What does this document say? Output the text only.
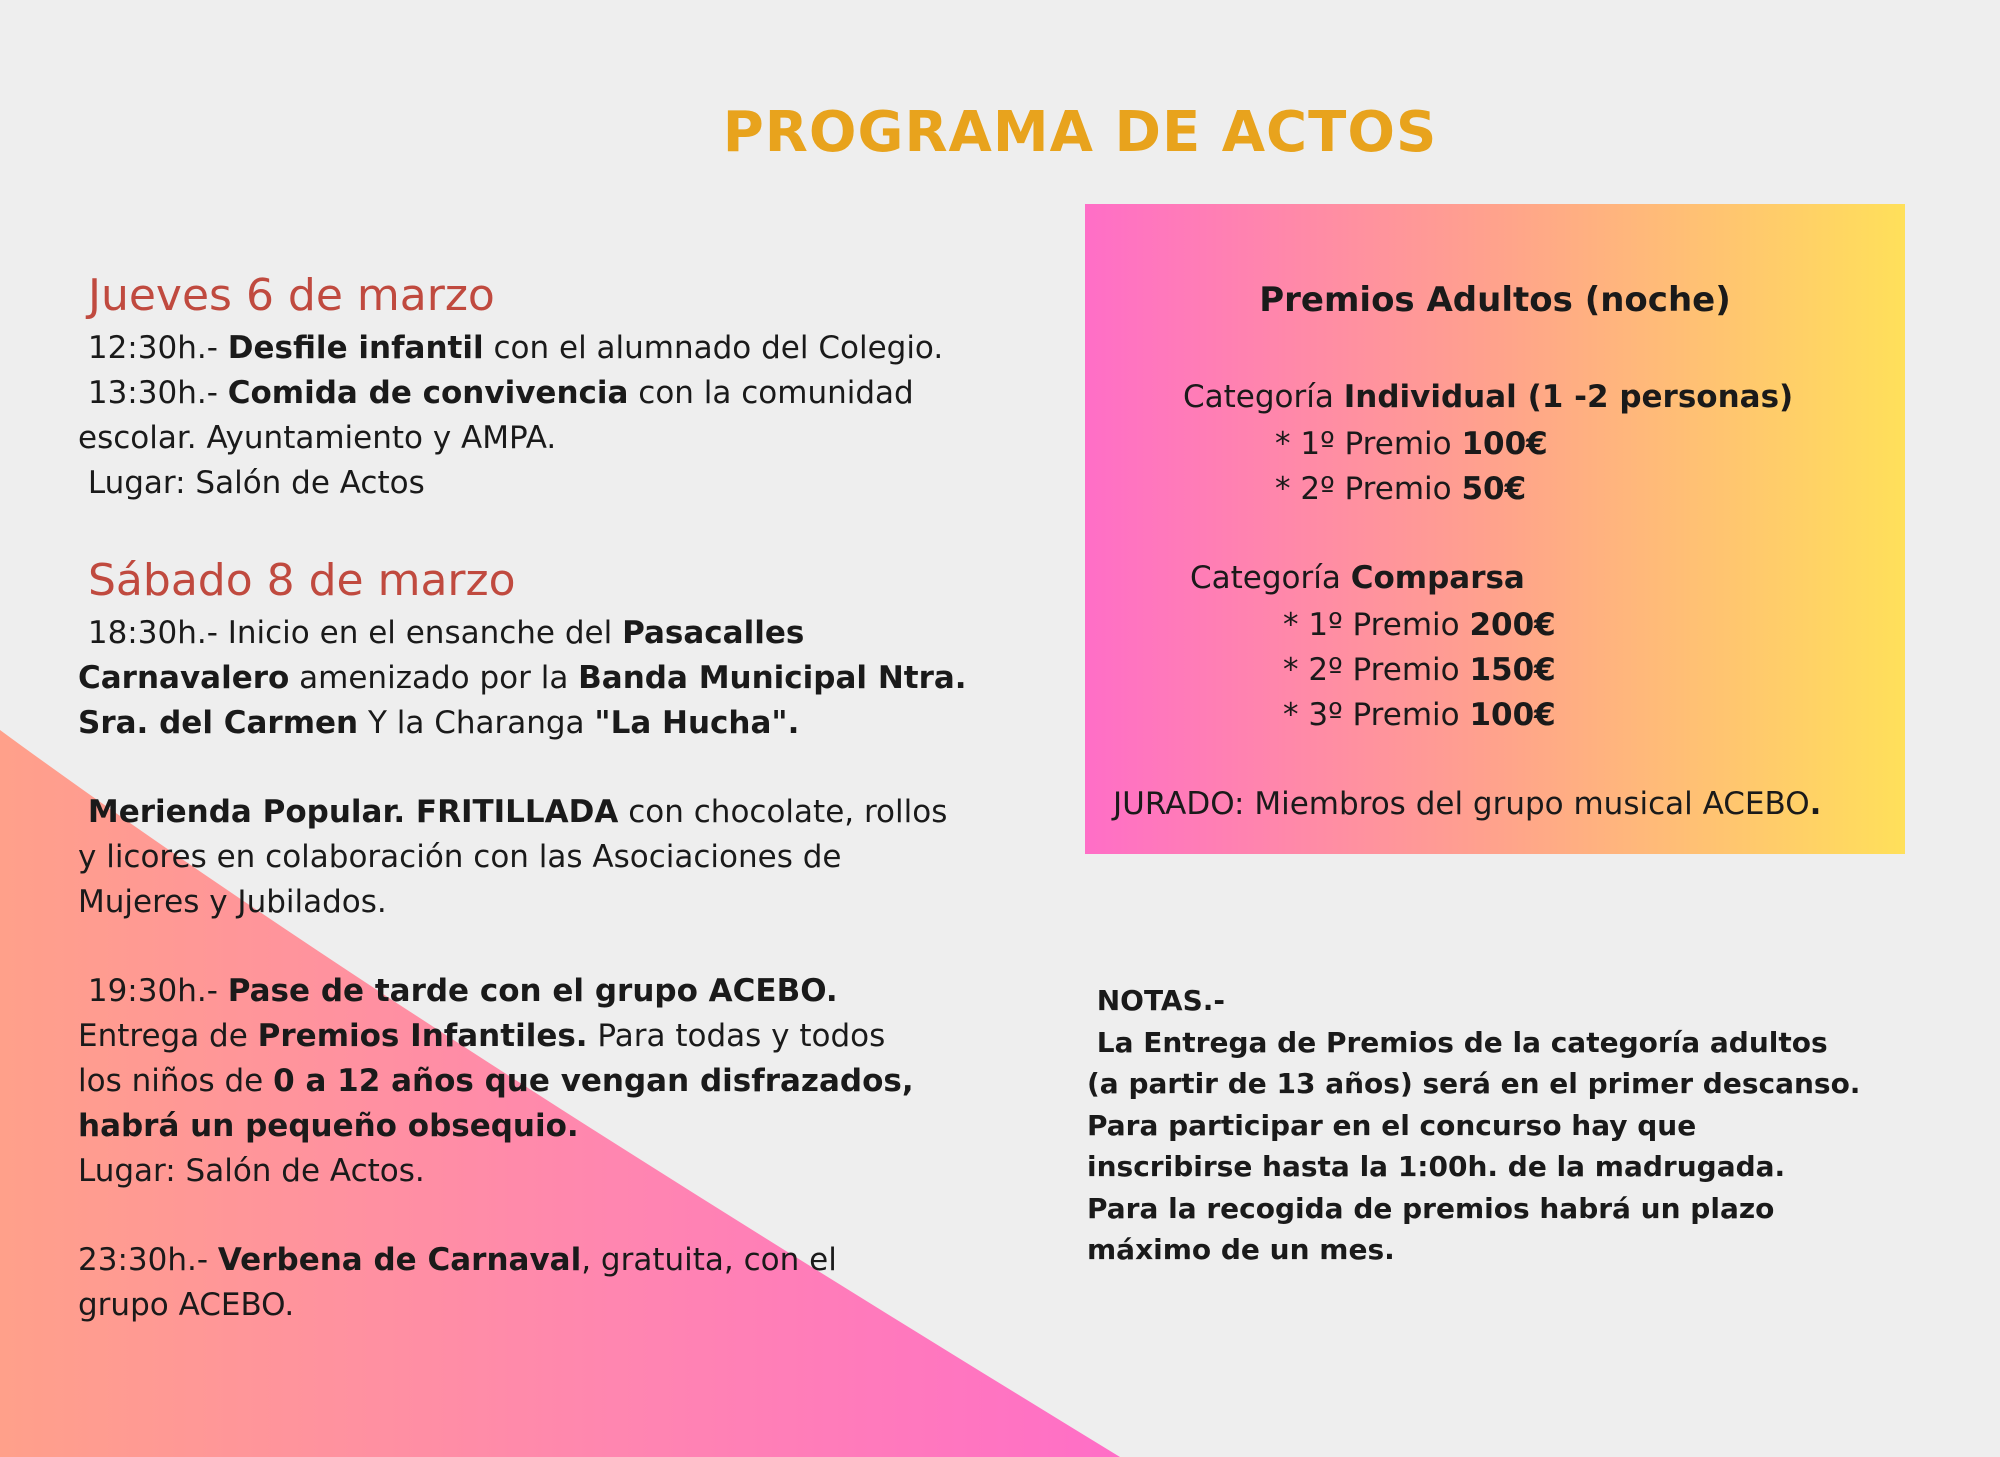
PROGRAMA DE ACTOS
Jueves 6 de marzo
12:30h.- Desfile infantil con el alumnado del Colegio.
13:30h.- Comida de convivencia con la comunidad
escolar. Ayuntamiento y AMPA.
Lugar: Salón de Actos
Sábado 8 de marzo
18:30h.- Inicio en el ensanche del Pasacalles
Carnavalero amenizado por la Banda Municipal Ntra.
Sra. del Carmen Y la Charanga "La Hucha".
Merienda Popular. FRITILLADA con chocolate, rollos
y licores en colaboración con las Asociaciones de
Mujeres y Jubilados.
19:30h.- Pase de tarde con el grupo ACEBO.
Entrega de Premios Infantiles. Para todas y todos
los niños de 0 a 12 años que vengan disfrazados,
habrá un pequeño obsequio.
Lugar: Salón de Actos.
23:30h.- Verbena de Carnaval, gratuita, con el
grupo ACEBO.
Premios Adultos (noche)
Categoría Individual (1 -2 personas)
* 1º Premio 100€
* 2º Premio 50€
Categoría Comparsa
* 1º Premio 200€
* 2º Premio 150€
* 3º Premio 100€
JURADO: Miembros del grupo musical ACEBO.
NOTAS.-
La Entrega de Premios de la categoría adultos
(a partir de 13 años) será en el primer descanso.
Para participar en el concurso hay que
inscribirse hasta la 1:00h. de la madrugada.
Para la recogida de premios habrá un plazo
máximo de un mes.
